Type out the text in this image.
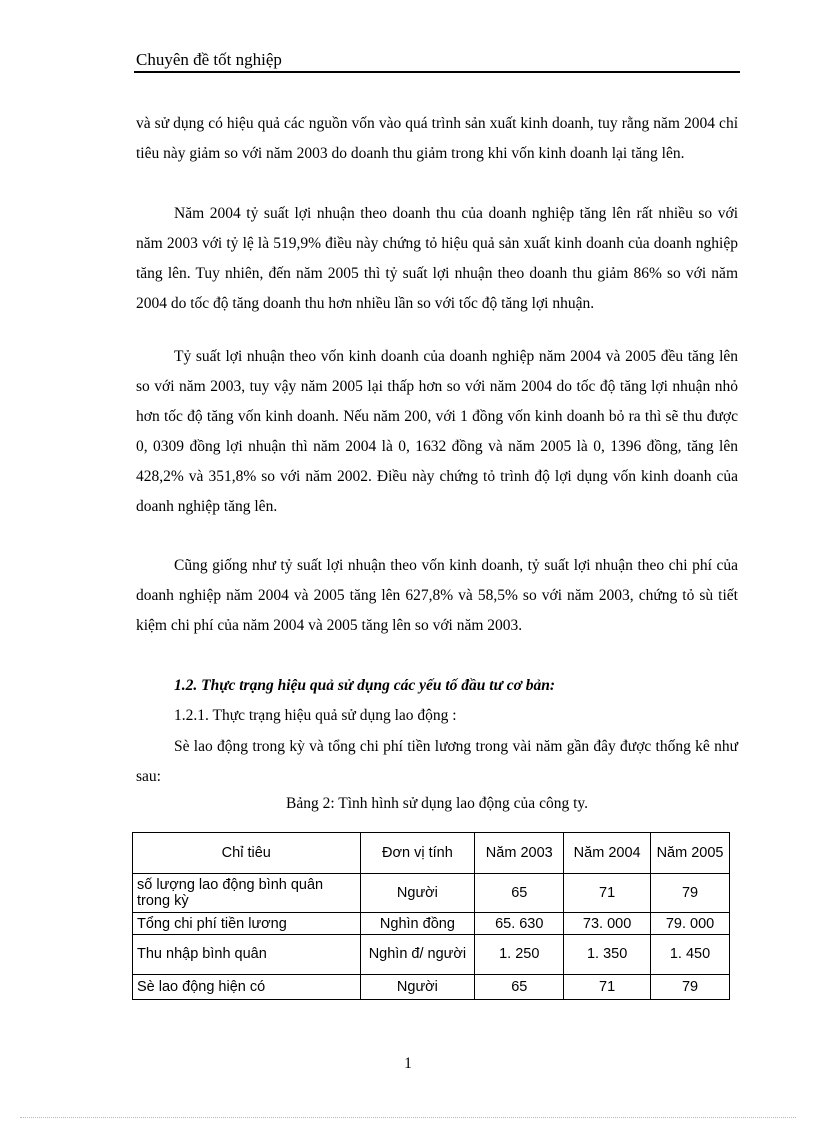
Chuyên đề tốt nghiệp

và sử dụng có hiệu quả các nguồn vốn vào quá trình sản xuất kinh doanh, tuy rằng năm 2004 chỉ tiêu này giảm so với năm 2003 do doanh thu giảm trong khi vốn kinh doanh lại tăng lên.

Năm 2004 tỷ suất lợi nhuận theo doanh thu của doanh nghiệp tăng lên rất nhiều so với năm 2003 với tỷ lệ là 519,9% điều này chứng tỏ hiệu quả sản xuất kinh doanh của doanh nghiệp tăng lên. Tuy nhiên, đến năm 2005 thì tỷ suất lợi nhuận theo doanh thu giảm 86% so với năm 2004 do tốc độ tăng doanh thu hơn nhiều lần so với tốc độ tăng lợi nhuận.

Tỷ suất lợi nhuận theo vốn kinh doanh của doanh nghiệp năm 2004 và 2005 đều tăng lên so với năm 2003, tuy vậy năm 2005 lại thấp hơn so với năm 2004 do tốc độ tăng lợi nhuận nhỏ hơn tốc độ tăng vốn kinh doanh. Nếu năm 200, với 1 đồng vốn kinh doanh bỏ ra thì sẽ thu được 0, 0309 đồng lợi nhuận thì năm 2004 là 0, 1632 đồng và năm 2005 là 0, 1396 đồng, tăng lên 428,2% và 351,8% so với năm 2002. Điều này chứng tỏ trình độ lợi dụng vốn kinh doanh của doanh nghiệp tăng lên.

Cũng giống như tỷ suất lợi nhuận theo vốn kinh doanh, tỷ suất lợi nhuận theo chi phí của doanh nghiệp năm 2004 và 2005 tăng lên 627,8% và 58,5% so với năm 2003, chứng tỏ sù tiết kiệm chi phí của năm 2004 và 2005 tăng lên so với năm 2003.

1.2. Thực trạng hiệu quả sử dụng các yếu tố đầu tư cơ bản:
1.2.1. Thực trạng hiệu quả sử dụng lao động :

Sè lao động trong kỳ và tổng chi phí tiền lương trong vài năm gần đây được thống kê như sau:

Bảng 2: Tình hình sử dụng lao động của công ty.
Chỉ tiêu	Đơn vị tính	Năm 2003	Năm 2004	Năm 2005
số lượng lao động bình quân trong kỳ	Người	65	71	79
Tổng chi phí tiền lương	Nghìn đồng	65. 630	73. 000	79. 000
Thu nhập bình quân	Nghìn đ/ người	1. 250	1. 350	1. 450
Sè lao động hiện có	Người	65	71	79
1
